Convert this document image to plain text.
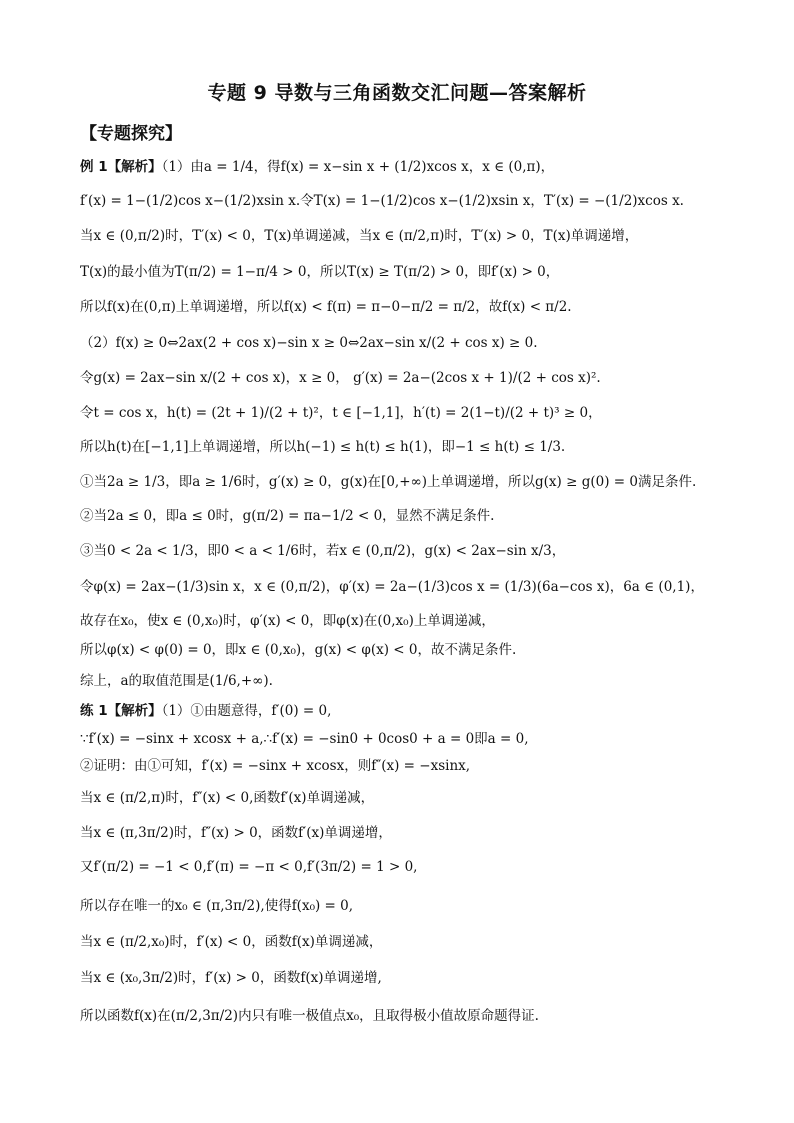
专题 9 导数与三角函数交汇问题—答案解析
【专题探究】
例 1【解析】（1）由a = 1/4，得f(x) = x−sin x + (1/2)xcos x，x ∈ (0,π)，
f′(x) = 1−(1/2)cos x−(1/2)xsin x.令T(x) = 1−(1/2)cos x−(1/2)xsin x，T′(x) = −(1/2)xcos x.
当x ∈ (0,π/2)时，T′(x) < 0，T(x)单调递减，当x ∈ (π/2,π)时，T′(x) > 0，T(x)单调递增，
T(x)的最小值为T(π/2) = 1−π/4 > 0，所以T(x) ≥ T(π/2) > 0，即f′(x) > 0，
所以f(x)在(0,π)上单调递增，所以f(x) < f(π) = π−0−π/2 = π/2，故f(x) < π/2.
（2）f(x) ≥ 0⇔2ax(2 + cos x)−sin x ≥ 0⇔2ax−sin x/(2 + cos x) ≥ 0.
令g(x) = 2ax−sin x/(2 + cos x)，x ≥ 0， g′(x) = 2a−(2cos x + 1)/(2 + cos x)².
令t = cos x，h(t) = (2t + 1)/(2 + t)²，t ∈ [−1,1]，h′(t) = 2(1−t)/(2 + t)³ ≥ 0，
所以h(t)在[−1,1]上单调递增，所以h(−1) ≤ h(t) ≤ h(1)，即−1 ≤ h(t) ≤ 1/3.
①当2a ≥ 1/3，即a ≥ 1/6时，g′(x) ≥ 0，g(x)在[0,+∞)上单调递增，所以g(x) ≥ g(0) = 0满足条件.
②当2a ≤ 0，即a ≤ 0时，g(π/2) = πa−1/2 < 0，显然不满足条件.
③当0 < 2a < 1/3，即0 < a < 1/6时，若x ∈ (0,π/2)，g(x) < 2ax−sin x/3，
令φ(x) = 2ax−(1/3)sin x，x ∈ (0,π/2)，φ′(x) = 2a−(1/3)cos x = (1/3)(6a−cos x)，6a ∈ (0,1)，
故存在x₀，使x ∈ (0,x₀)时，φ′(x) < 0，即φ(x)在(0,x₀)上单调递减，
所以φ(x) < φ(0) = 0，即x ∈ (0,x₀)，g(x) < φ(x) < 0，故不满足条件.
综上，a的取值范围是(1/6,+∞).
练 1【解析】（1）①由题意得，f′(0) = 0,
∵f′(x) = −sinx + xcosx + a,∴f′(x) = −sin0 + 0cos0 + a = 0即a = 0,
②证明：由①可知，f′(x) = −sinx + xcosx，则f″(x) = −xsinx,
当x ∈ (π/2,π)时，f″(x) < 0,函数f′(x)单调递减，
当x ∈ (π,3π/2)时，f″(x) > 0，函数f′(x)单调递增，
又f′(π/2) = −1 < 0,f′(π) = −π < 0,f′(3π/2) = 1 > 0,
所以存在唯一的x₀ ∈ (π,3π/2),使得f(x₀) = 0,
当x ∈ (π/2,x₀)时，f′(x) < 0，函数f(x)单调递减，
当x ∈ (x₀,3π/2)时，f′(x) > 0，函数f(x)单调递增,
所以函数f(x)在(π/2,3π/2)内只有唯一极值点x₀，且取得极小值故原命题得证.
